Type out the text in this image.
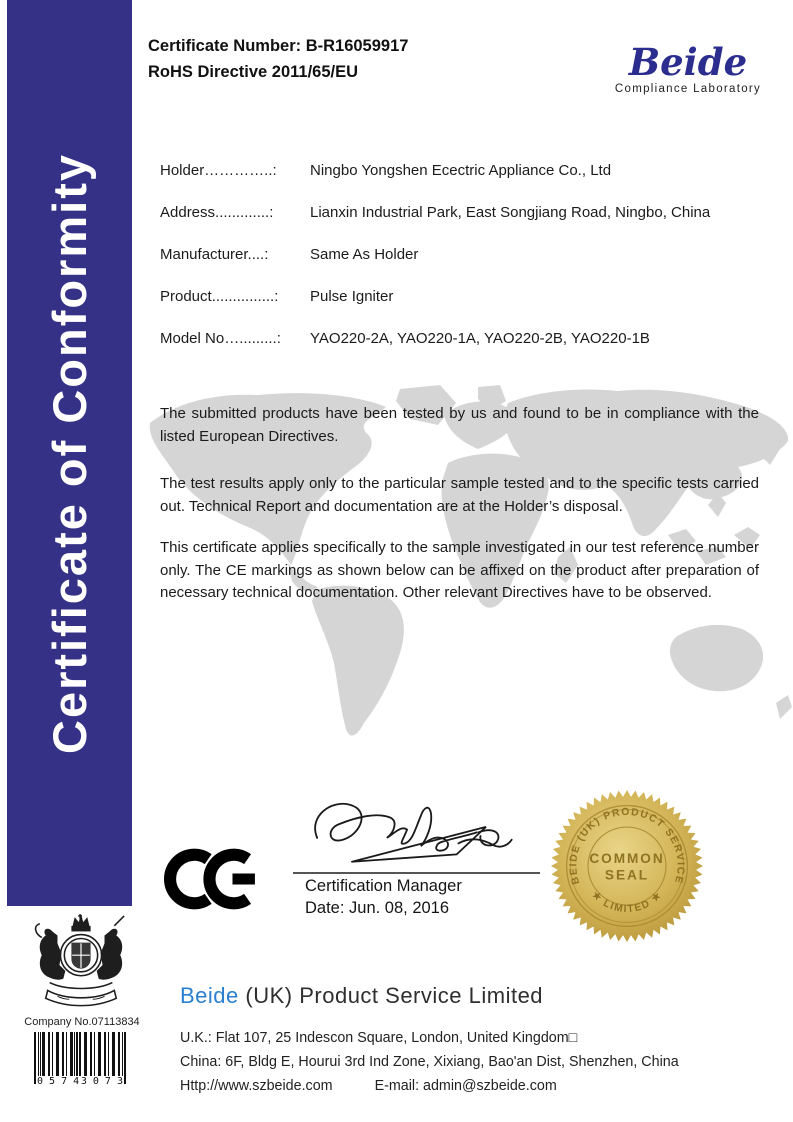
Certificate of Conformity
Certificate Number: B-R16059917
RoHS Directive 2011/65/EU	Beide
Compliance Laboratory
Holder…………..:	Ningbo Yongshen Ecectric Appliance Co., Ltd
Address.............:	Lianxin Industrial Park, East Songjiang Road, Ningbo, China
Manufacturer....:	Same As Holder
Product...............:	Pulse Igniter
Model No….........:	YAO220-2A, YAO220-1A, YAO220-2B, YAO220-1B

The submitted products have been tested by us and found to be in compliance with the listed European Directives.

The test results apply only to the particular sample tested and to the specific tests carried out. Technical Report and documentation are at the Holder’s disposal.

This certificate applies specifically to the sample investigated in our test reference number only. The CE markings as shown below can be affixed on the product after preparation of necessary technical documentation. Other relevant Directives have to be observed.

Certification Manager
Date: Jun. 08, 2016
BEIDE (UK) PRODUCT SERVICE
★ LIMITED ★
COMMON
SEAL
Company No.07113834
0 5 7 4 3 0 7 3
Beide (UK) Product Service Limited
U.K.: Flat 107, 25 Indescon Square, London, United Kingdom□
China: 6F, Bldg E, Hourui 3rd Ind Zone, Xixiang, Bao'an Dist, Shenzhen, China
Http://www.szbeide.com	E-mail: admin@szbeide.com
